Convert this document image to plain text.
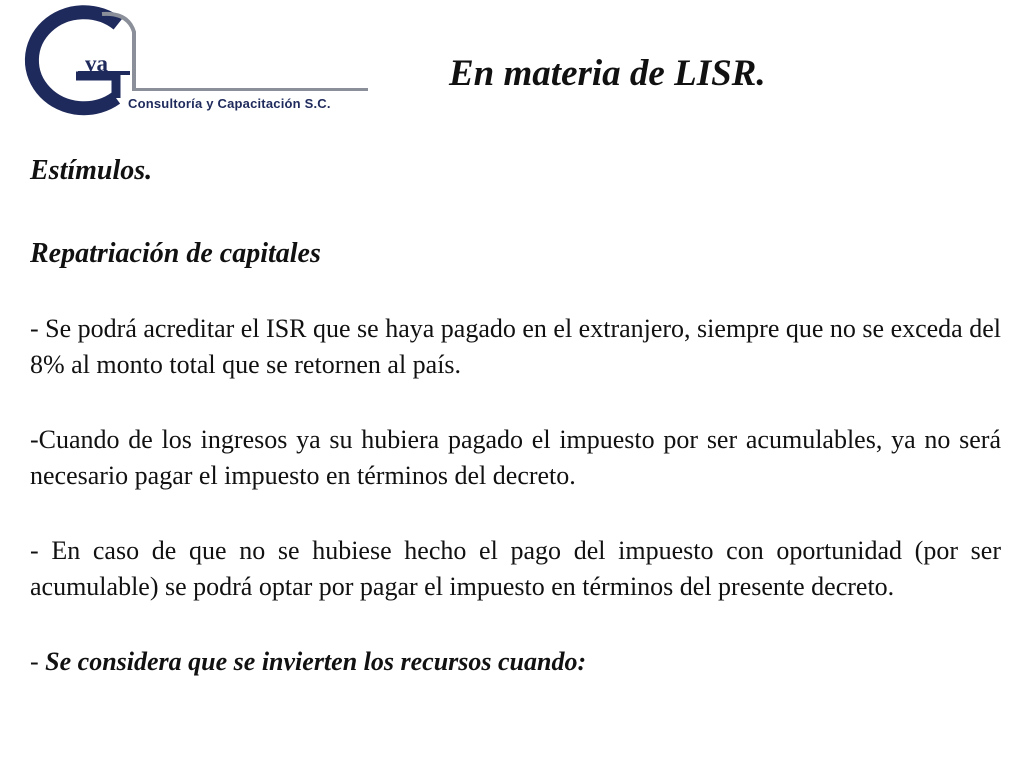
va
Consultoría y Capacitación S.C.
En materia de LISR.

Estímulos.

Repatriación de capitales

- Se podrá acreditar el ISR que se haya pagado en el extranjero, siempre que no se exceda del 8% al monto total que se retornen al país.

-Cuando de los ingresos ya su hubiera pagado el impuesto por ser acumulables, ya no será necesario pagar el impuesto en términos del decreto.

- En caso de que no se hubiese hecho el pago del impuesto con oportunidad (por ser acumulable) se podrá optar por pagar el impuesto en términos del presente decreto.

- Se considera que se invierten los recursos cuando:
